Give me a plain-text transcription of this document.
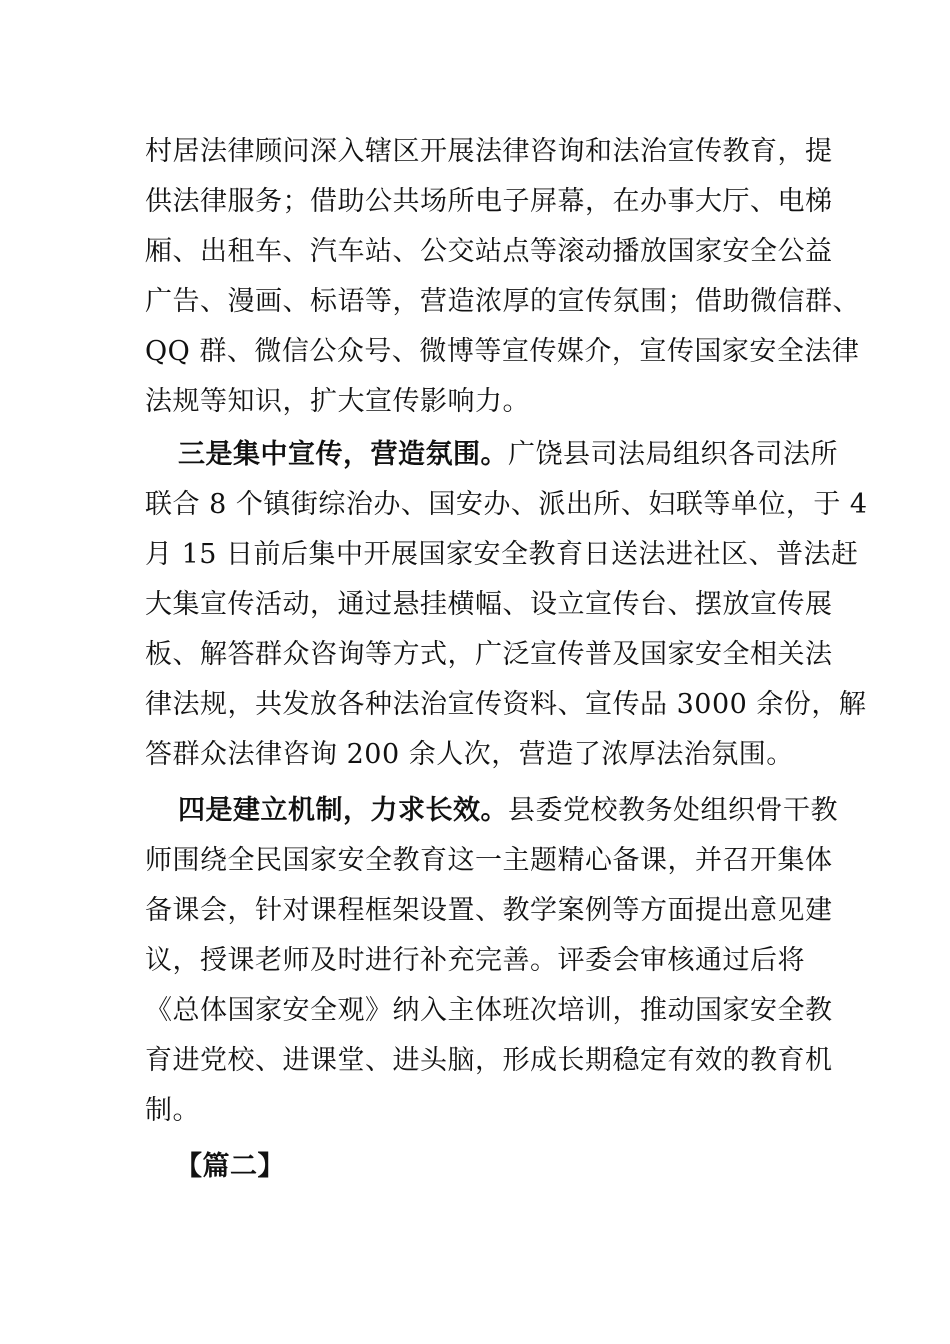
村居法律顾问深入辖区开展法律咨询和法治宣传教育，提
供法律服务；借助公共场所电子屏幕，在办事大厅、电梯
厢、出租车、汽车站、公交站点等滚动播放国家安全公益
广告、漫画、标语等，营造浓厚的宣传氛围；借助微信群、
QQ 群、微信公众号、微博等宣传媒介，宣传国家安全法律
法规等知识，扩大宣传影响力。
三是集中宣传，营造氛围。广饶县司法局组织各司法所
联合 8 个镇街综治办、国安办、派出所、妇联等单位，于 4
月 15 日前后集中开展国家安全教育日送法进社区、普法赶
大集宣传活动，通过悬挂横幅、设立宣传台、摆放宣传展
板、解答群众咨询等方式，广泛宣传普及国家安全相关法
律法规，共发放各种法治宣传资料、宣传品 3000 余份，解
答群众法律咨询 200 余人次，营造了浓厚法治氛围。
四是建立机制，力求长效。县委党校教务处组织骨干教
师围绕全民国家安全教育这一主题精心备课，并召开集体
备课会，针对课程框架设置、教学案例等方面提出意见建
议，授课老师及时进行补充完善。评委会审核通过后将
《总体国家安全观》纳入主体班次培训，推动国家安全教
育进党校、进课堂、进头脑，形成长期稳定有效的教育机
制。
【篇二】
